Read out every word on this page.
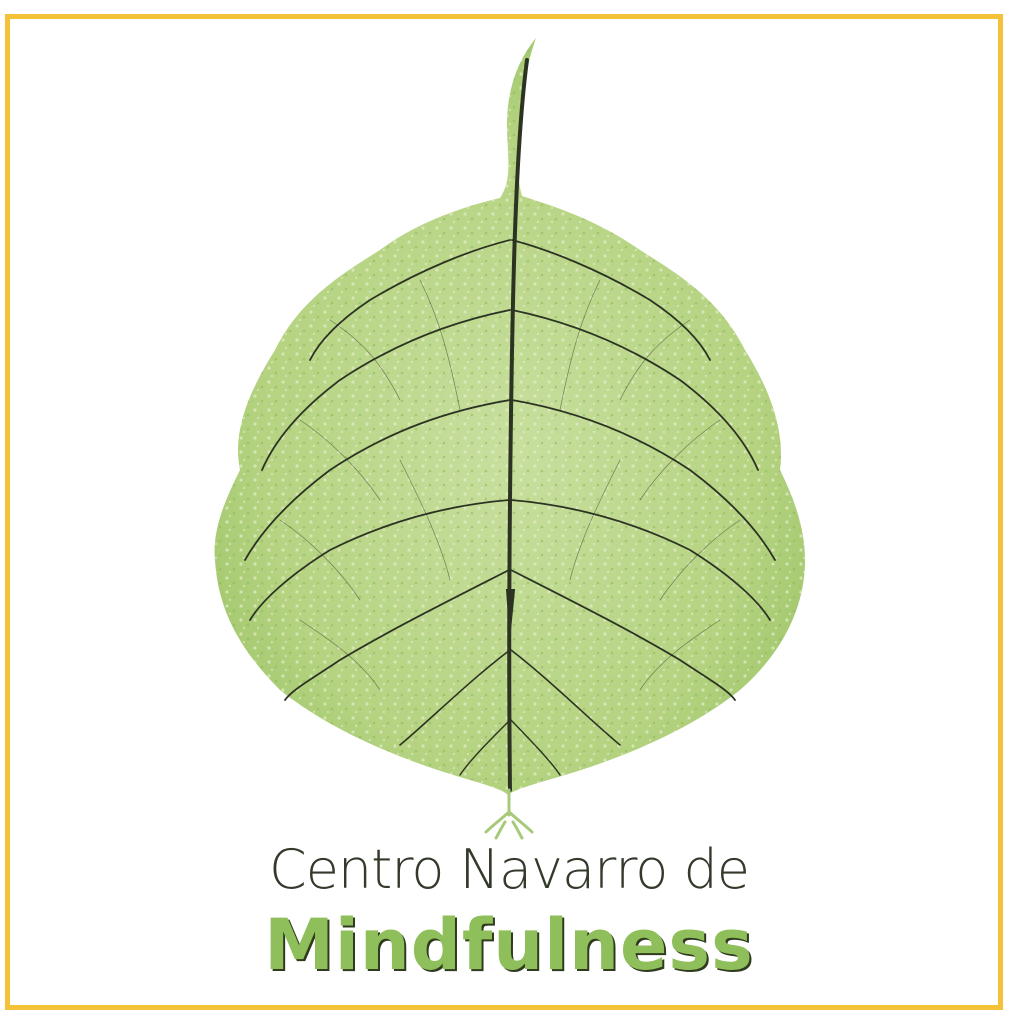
Centro Navarro de
Mindfulness
